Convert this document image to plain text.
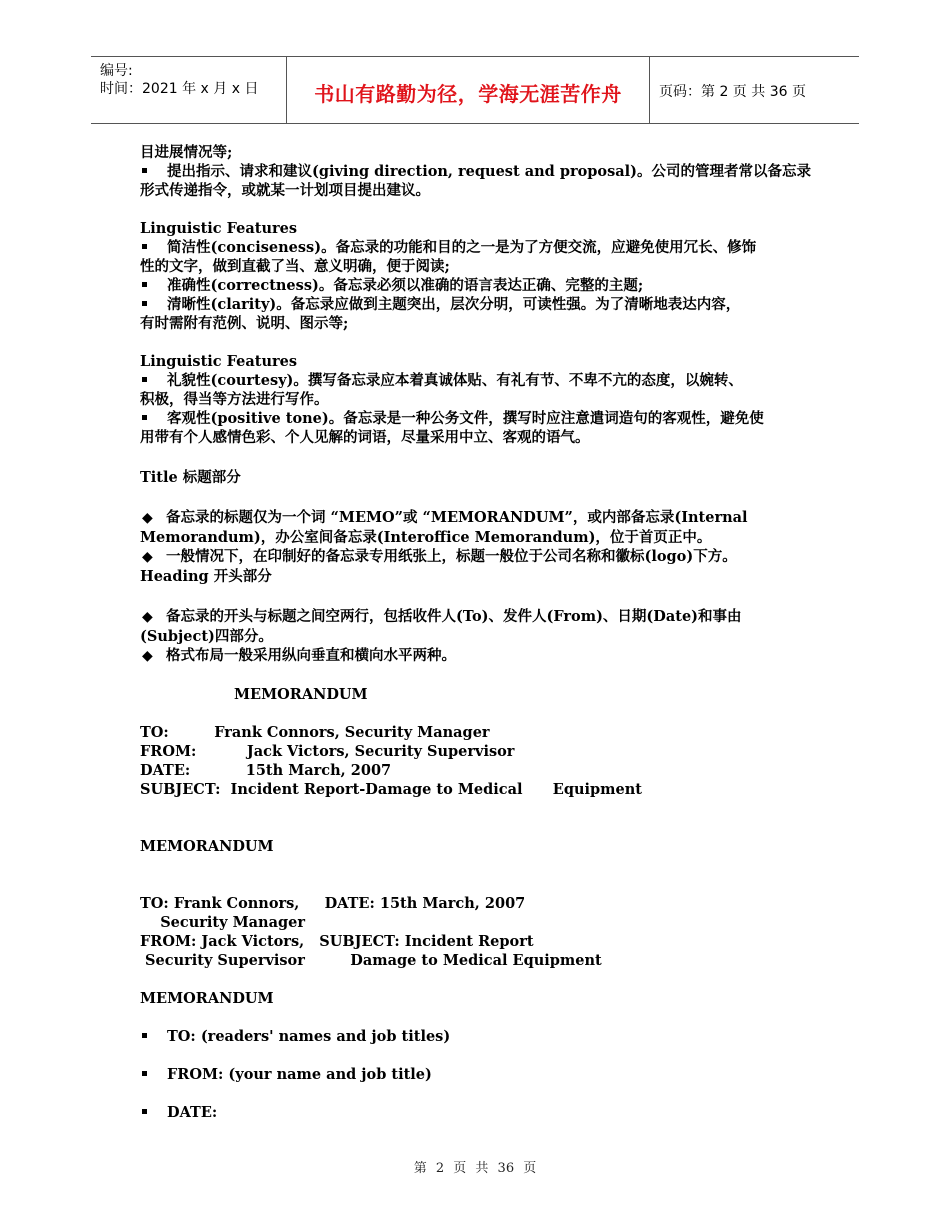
编号:
时间：2021 年 x 月 x 日	书山有路勤为径，学海无涯苦作舟	页码：第 2 页 共 36 页

目进展情况等;

提出指示、请求和建议(giving direction, request and proposal)。公司的管理者常以备忘录

形式传递指令，或就某一计划项目提出建议。

Linguistic Features

简洁性(conciseness)。备忘录的功能和目的之一是为了方便交流，应避免使用冗长、修饰

性的文字，做到直截了当、意义明确，便于阅读;

准确性(correctness)。备忘录必须以准确的语言表达正确、完整的主题;

清晰性(clarity)。备忘录应做到主题突出，层次分明，可读性强。为了清晰地表达内容，

有时需附有范例、说明、图示等;

Linguistic Features

礼貌性(courtesy)。撰写备忘录应本着真诚体贴、有礼有节、不卑不亢的态度，以婉转、

积极，得当等方法进行写作。

客观性(positive tone)。备忘录是一种公务文件，撰写时应注意遣词造句的客观性，避免使

用带有个人感情色彩、个人见解的词语，尽量采用中立、客观的语气。

Title 标题部分

◆ 备忘录的标题仅为一个词 “MEMO”或 “MEMORANDUM”，或内部备忘录(Internal

Memorandum)，办公室间备忘录(Interoffice Memorandum)，位于首页正中。

◆ 一般情况下，在印制好的备忘录专用纸张上，标题一般位于公司名称和徽标(logo)下方。

Heading 开头部分

◆ 备忘录的开头与标题之间空两行，包括收件人(To)、发件人(From)、日期(Date)和事由

(Subject)四部分。

◆ 格式布局一般采用纵向垂直和横向水平两种。

MEMORANDUM

TO:         Frank Connors, Security Manager

FROM:          Jack Victors, Security Supervisor

DATE:           15th March, 2007

SUBJECT:  Incident Report-Damage to Medical      Equipment

MEMORANDUM

TO: Frank Connors,     DATE: 15th March, 2007

Security Manager

FROM: Jack Victors,   SUBJECT: Incident Report

Security Supervisor         Damage to Medical Equipment

MEMORANDUM

TO: (readers' names and job titles)

FROM: (your name and job title)

DATE:

第 2 页 共 36 页
